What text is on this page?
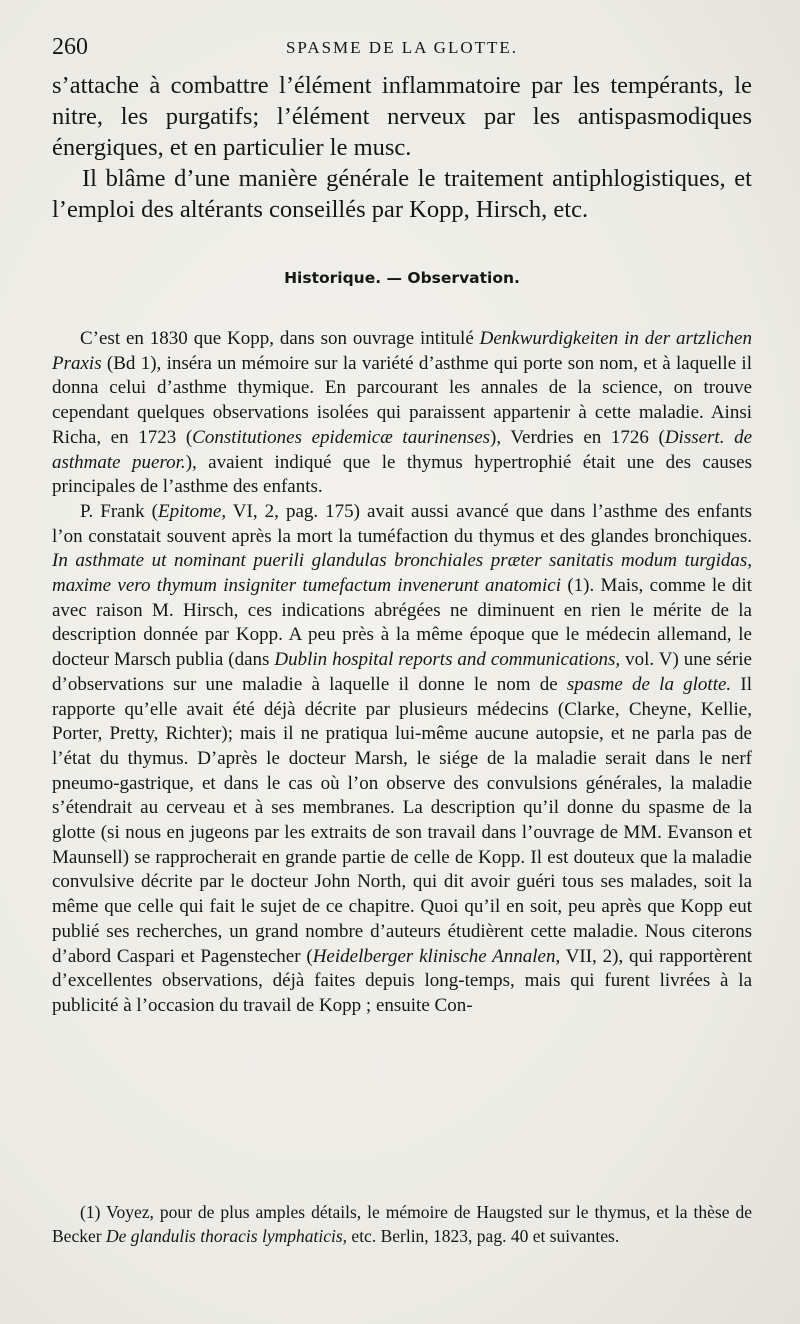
260	SPASME DE LA GLOTTE.

s’attache à combattre l’élément inflammatoire par les tempérants, le nitre, les purgatifs; l’élément nerveux par les antispasmodiques énergiques, et en particulier le musc.

Il blâme d’une manière générale le traitement antiphlogistiques, et l’emploi des altérants conseillés par Kopp, Hirsch, etc.

Historique. — Observation.

C’est en 1830 que Kopp, dans son ouvrage intitulé Denkwurdigkeiten in der artzlichen Praxis (Bd 1), inséra un mémoire sur la variété d’asthme qui porte son nom, et à laquelle il donna celui d’asthme thymique. En parcourant les annales de la science, on trouve cependant quelques observations isolées qui paraissent appartenir à cette maladie. Ainsi Richa, en 1723 (Constitutiones epidemicæ taurinenses), Verdries en 1726 (Dissert. de asthmate pueror.), avaient indiqué que le thymus hypertrophié était une des causes principales de l’asthme des enfants.

P. Frank (Epitome, VI, 2, pag. 175) avait aussi avancé que dans l’asthme des enfants l’on constatait souvent après la mort la tuméfaction du thymus et des glandes bronchiques. In asthmate ut nominant puerili glandulas bronchiales præter sanitatis modum turgidas, maxime vero thymum insigniter tumefactum invenerunt anatomici (1). Mais, comme le dit avec raison M. Hirsch, ces indications abrégées ne diminuent en rien le mérite de la description donnée par Kopp. A peu près à la même époque que le médecin allemand, le docteur Marsch publia (dans Dublin hospital reports and communications, vol. V) une série d’observations sur une maladie à laquelle il donne le nom de spasme de la glotte. Il rapporte qu’elle avait été déjà décrite par plusieurs médecins (Clarke, Cheyne, Kellie, Porter, Pretty, Richter); mais il ne pratiqua lui-même aucune autopsie, et ne parla pas de l’état du thymus. D’après le docteur Marsh, le siége de la maladie serait dans le nerf pneumo-gastrique, et dans le cas où l’on observe des convulsions générales, la maladie s’étendrait au cerveau et à ses membranes. La description qu’il donne du spasme de la glotte (si nous en jugeons par les extraits de son travail dans l’ouvrage de MM. Evanson et Maunsell) se rapprocherait en grande partie de celle de Kopp. Il est douteux que la maladie convulsive décrite par le docteur John North, qui dit avoir guéri tous ses malades, soit la même que celle qui fait le sujet de ce chapitre. Quoi qu’il en soit, peu après que Kopp eut publié ses recherches, un grand nombre d’auteurs étudièrent cette maladie. Nous citerons d’abord Caspari et Pagenstecher (Heidelberger klinische Annalen, VII, 2), qui rapportèrent d’excellentes observations, déjà faites depuis long-temps, mais qui furent livrées à la publicité à l’occasion du travail de Kopp ; ensuite Con-

(1) Voyez, pour de plus amples détails, le mémoire de Haugsted sur le thymus, et la thèse de Becker De glandulis thoracis lymphaticis, etc. Berlin, 1823, pag. 40 et suivantes.
